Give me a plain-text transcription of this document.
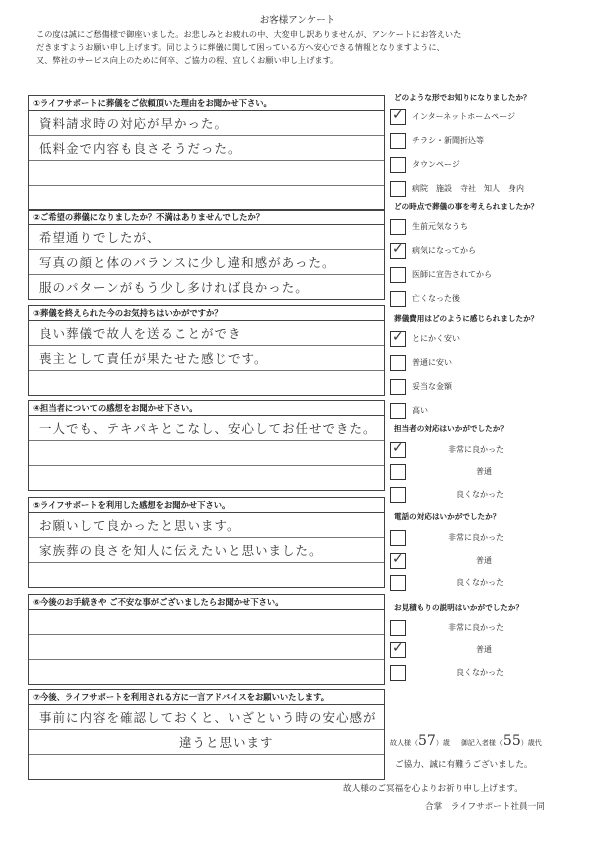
お客様アンケート
この度は誠にご愁傷様で御座いました。お悲しみとお疲れの中、大変申し訳ありませんが、アンケートにお答えいた
だきますようお願い申し上げます。同じように葬儀に関して困っている方へ安心できる情報となりますように、
又、弊社のサービス向上のために何卒、ご協力の程、宜しくお願い申し上げます。
①ライフサポートに葬儀をご依頼頂いた理由をお聞かせ下さい。
資料請求時の対応が早かった。
低料金で内容も良さそうだった。
②ご希望の葬儀になりましたか？不満はありませんでしたか？
希望通りでしたが、
写真の顔と体のバランスに少し違和感があった。
服のパターンがもう少し多ければ良かった。
③葬儀を終えられた今のお気持ちはいかがですか？
良い葬儀で故人を送ることができ
喪主として責任が果たせた感じです。
④担当者についての感想をお聞かせ下さい。
一人でも、テキパキとこなし、安心してお任せできた。
⑤ライフサポートを利用した感想をお聞かせ下さい。
お願いして良かったと思います。
家族葬の良さを知人に伝えたいと思いました。
⑥今後のお手続きや ご不安な事がございましたらお聞かせ下さい。
⑦今後、ライフサポートを利用される方に一言アドバイスをお願いいたします。
事前に内容を確認しておくと、いざという時の安心感が
違うと思います
どのような形でお知りになりましたか？
✓ インターネットホームページ
チラシ・新聞折込等
タウンページ
病院　施設　寺社　知人　身内
どの時点で葬儀の事を考えられましたか？
生前元気なうち
✓ 病気になってから
医師に宣告されてから
亡くなった後
葬儀費用はどのように感じられましたか？
✓ とにかく安い
普通に安い
妥当な金額
高い
担当者の対応はいかがでしたか？
✓	非常に良かった
普通
良くなかった
電話の対応はいかがでしたか？
非常に良かった
✓	普通
良くなかった
お見積もりの説明はいかがでしたか？
非常に良かった
✓	普通
良くなかった
故人様（57）歳 御記入者様（55）歳代
ご協力、誠に有難うございました。
故人様のご冥福を心よりお祈り申し上げます。
合掌　ライフサポート社員一同
